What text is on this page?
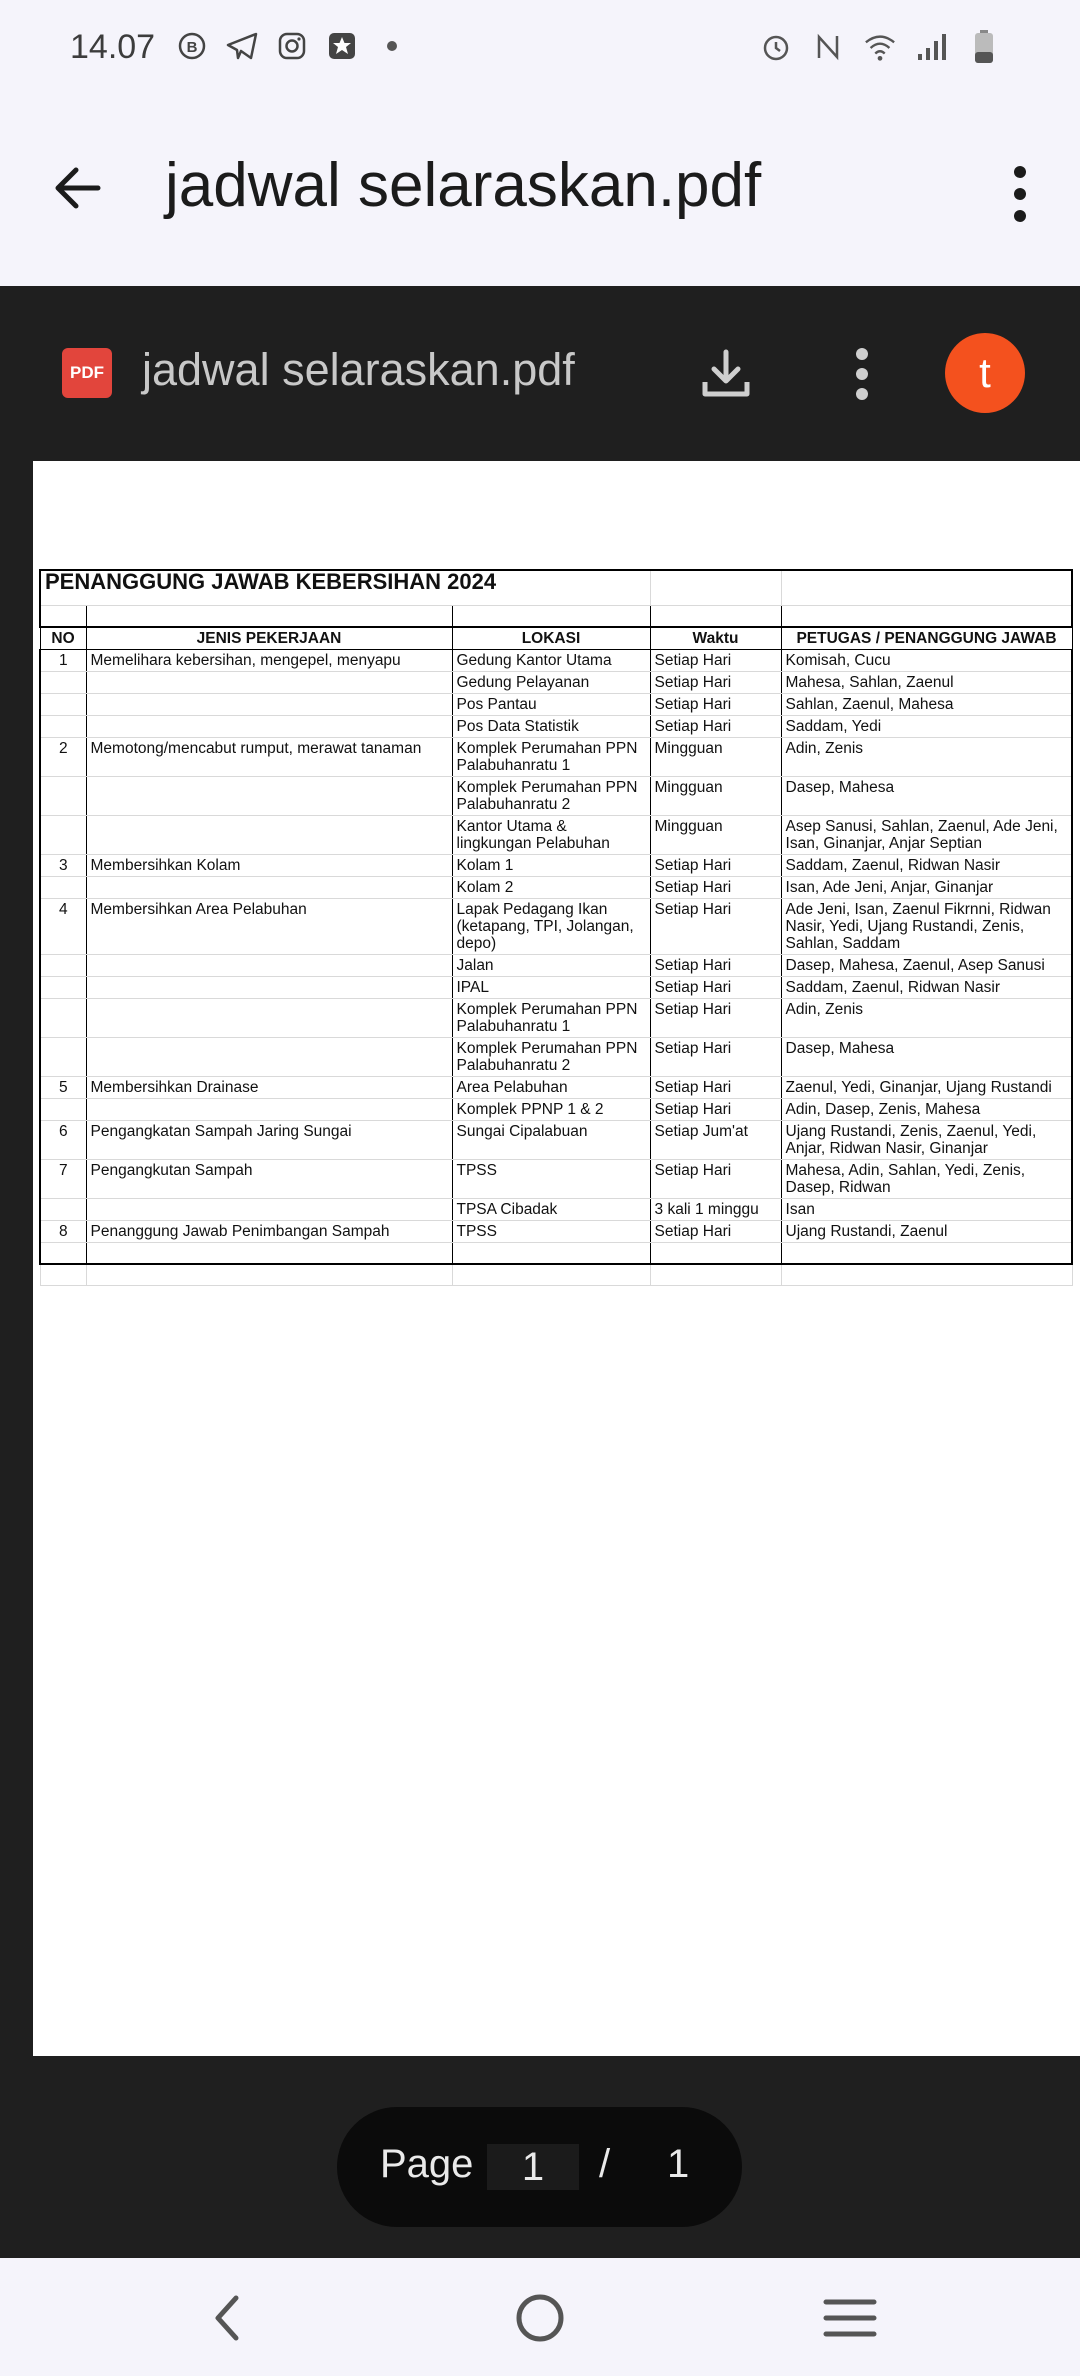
14.07 B
jadwal selaraskan.pdf
PDF jadwal selaraskan.pdf	t
PENANGGUNG JAWAB KEBERSIHAN 2024				

NO	JENIS PEKERJAAN	LOKASI	Waktu	PETUGAS / PENANGGUNG JAWAB
1	Memelihara kebersihan, mengepel, menyapu	Gedung Kantor Utama	Setiap Hari	Komisah, Cucu
		Gedung Pelayanan	Setiap Hari	Mahesa, Sahlan, Zaenul
		Pos Pantau	Setiap Hari	Sahlan, Zaenul, Mahesa
		Pos Data Statistik	Setiap Hari	Saddam, Yedi
2	Memotong/mencabut rumput, merawat tanaman	Komplek Perumahan PPN Palabuhanratu 1	Mingguan	Adin, Zenis
		Komplek Perumahan PPN Palabuhanratu 2	Mingguan	Dasep, Mahesa
		Kantor Utama & lingkungan Pelabuhan	Mingguan	Asep Sanusi, Sahlan, Zaenul, Ade Jeni, Isan, Ginanjar, Anjar Septian
3	Membersihkan Kolam	Kolam 1	Setiap Hari	Saddam, Zaenul, Ridwan Nasir
		Kolam 2	Setiap Hari	Isan, Ade Jeni, Anjar, Ginanjar
4	Membersihkan Area Pelabuhan	Lapak Pedagang Ikan (ketapang, TPI, Jolangan, depo)	Setiap Hari	Ade Jeni, Isan, Zaenul Fikrnni, Ridwan Nasir, Yedi, Ujang Rustandi, Zenis, Sahlan, Saddam
		Jalan	Setiap Hari	Dasep, Mahesa, Zaenul, Asep Sanusi
		IPAL	Setiap Hari	Saddam, Zaenul, Ridwan Nasir
		Komplek Perumahan PPN Palabuhanratu 1	Setiap Hari	Adin, Zenis
		Komplek Perumahan PPN Palabuhanratu 2	Setiap Hari	Dasep, Mahesa
5	Membersihkan Drainase	Area Pelabuhan	Setiap Hari	Zaenul, Yedi, Ginanjar, Ujang Rustandi
		Komplek PPNP 1 & 2	Setiap Hari	Adin, Dasep, Zenis, Mahesa
6	Pengangkatan Sampah Jaring Sungai	Sungai Cipalabuan	Setiap Jum'at	Ujang Rustandi, Zenis, Zaenul, Yedi, Anjar, Ridwan Nasir, Ginanjar
7	Pengangkutan Sampah	TPSS	Setiap Hari	Mahesa, Adin, Sahlan, Yedi, Zenis, Dasep, Ridwan
		TPSA Cibadak	3 kali 1 minggu	Isan
8	Penanggung Jawab Penimbangan Sampah	TPSS	Setiap Hari	Ujang Rustandi, Zaenul

Page	1	/ 1
